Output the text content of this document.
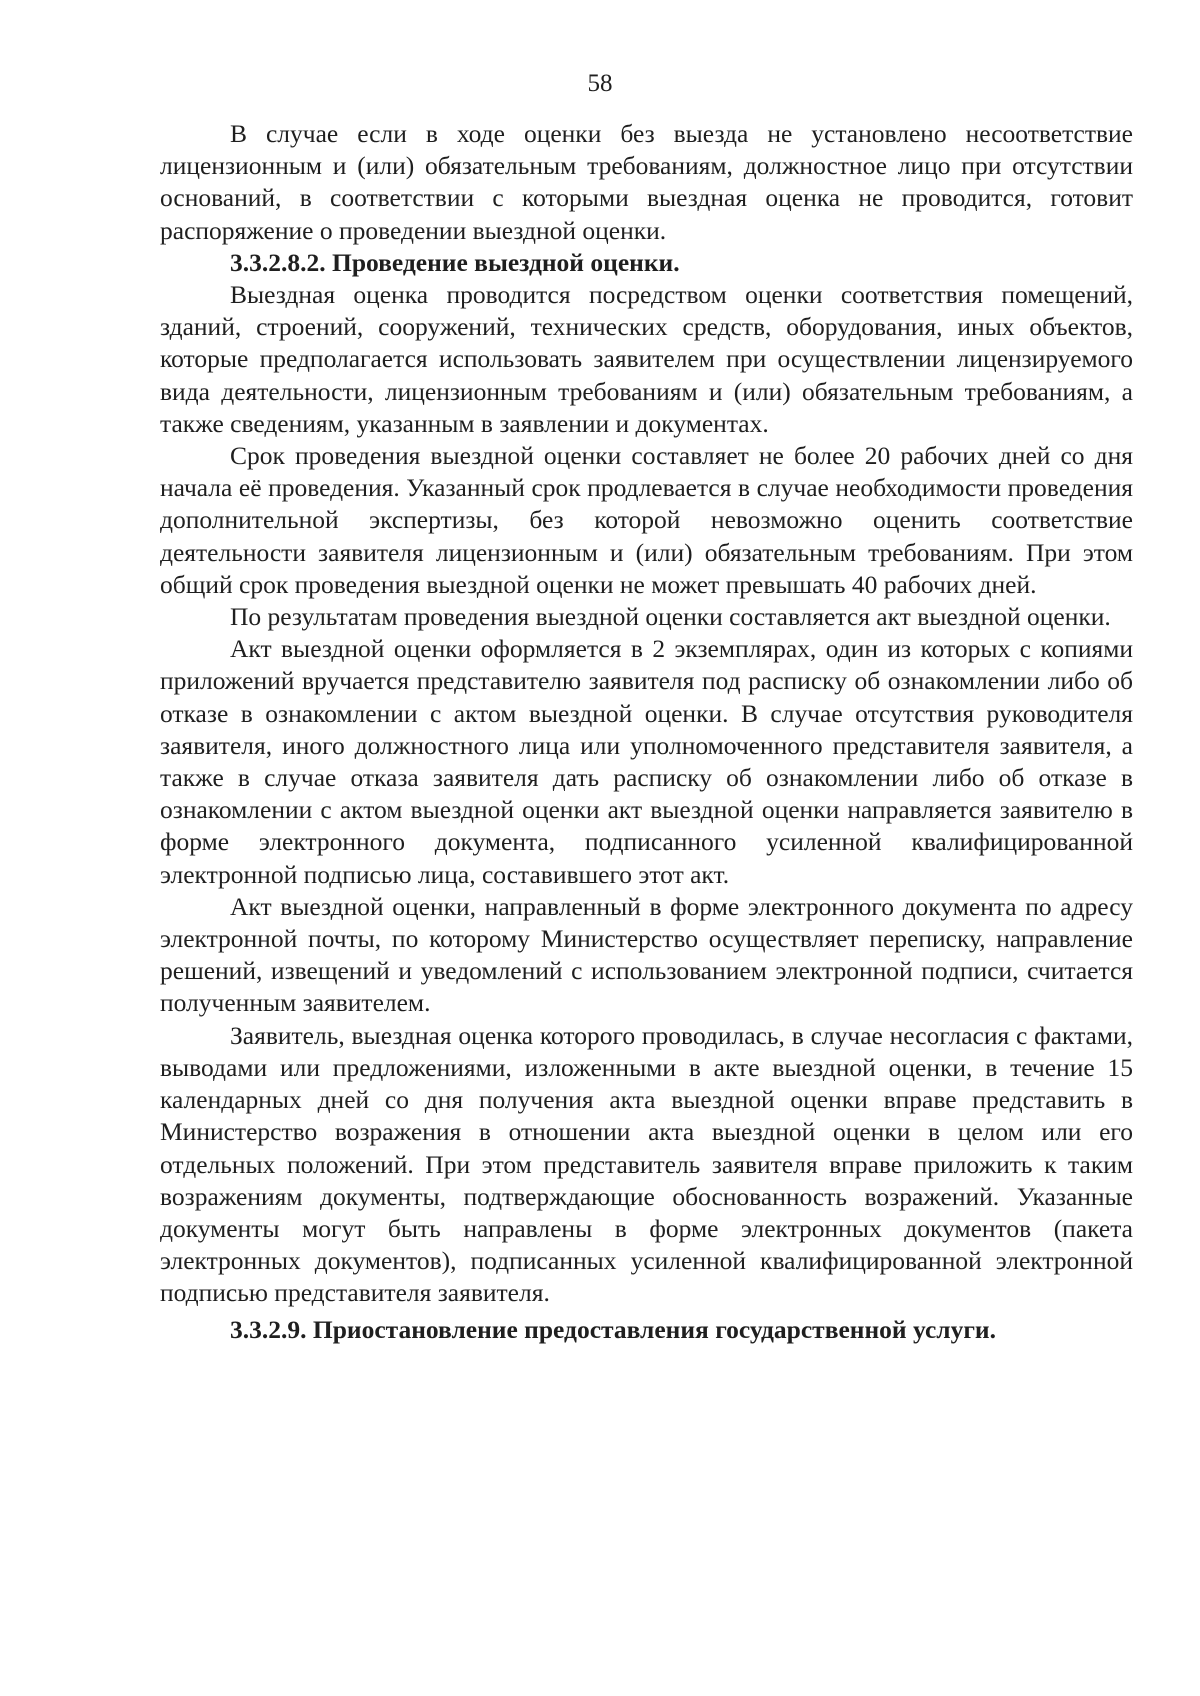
58

В случае если в ходе оценки без выезда не установлено несоответствие лицензионным и (или) обязательным требованиям, должностное лицо при отсутствии оснований, в соответствии с которыми выездная оценка не проводится, готовит распоряжение о проведении выездной оценки.

3.3.2.8.2. Проведение выездной оценки.

Выездная оценка проводится посредством оценки соответствия помещений, зданий, строений, сооружений, технических средств, оборудования, иных объектов, которые предполагается использовать заявителем при осуществлении лицензируемого вида деятельности, лицензионным требованиям и (или) обязательным требованиям, а также сведениям, указанным в заявлении и документах.

Срок проведения выездной оценки составляет не более 20 рабочих дней со дня начала её проведения. Указанный срок продлевается в случае необходимости проведения дополнительной экспертизы, без которой невозможно оценить соответствие деятельности заявителя лицензионным и (или) обязательным требованиям. При этом общий срок проведения выездной оценки не может превышать 40 рабочих дней.

По результатам проведения выездной оценки составляется акт выездной оценки.

Акт выездной оценки оформляется в 2 экземплярах, один из которых с копиями приложений вручается представителю заявителя под расписку об ознакомлении либо об отказе в ознакомлении с актом выездной оценки. В случае отсутствия руководителя заявителя, иного должностного лица или уполномоченного представителя заявителя, а также в случае отказа заявителя дать расписку об ознакомлении либо об отказе в ознакомлении с актом выездной оценки акт выездной оценки направляется заявителю в форме электронного документа, подписанного усиленной квалифицированной электронной подписью лица, составившего этот акт.

Акт выездной оценки, направленный в форме электронного документа по адресу электронной почты, по которому Министерство осуществляет переписку, направление решений, извещений и уведомлений с использованием электронной подписи, считается полученным заявителем.

Заявитель, выездная оценка которого проводилась, в случае несогласия с фактами, выводами или предложениями, изложенными в акте выездной оценки, в течение 15 календарных дней со дня получения акта выездной оценки вправе представить в Министерство возражения в отношении акта выездной оценки в целом или его отдельных положений. При этом представитель заявителя вправе приложить к таким возражениям документы, подтверждающие обоснованность возражений. Указанные документы могут быть направлены в форме электронных документов (пакета электронных документов), подписанных усиленной квалифицированной электронной подписью представителя заявителя.

3.3.2.9. Приостановление предоставления государственной услуги.
